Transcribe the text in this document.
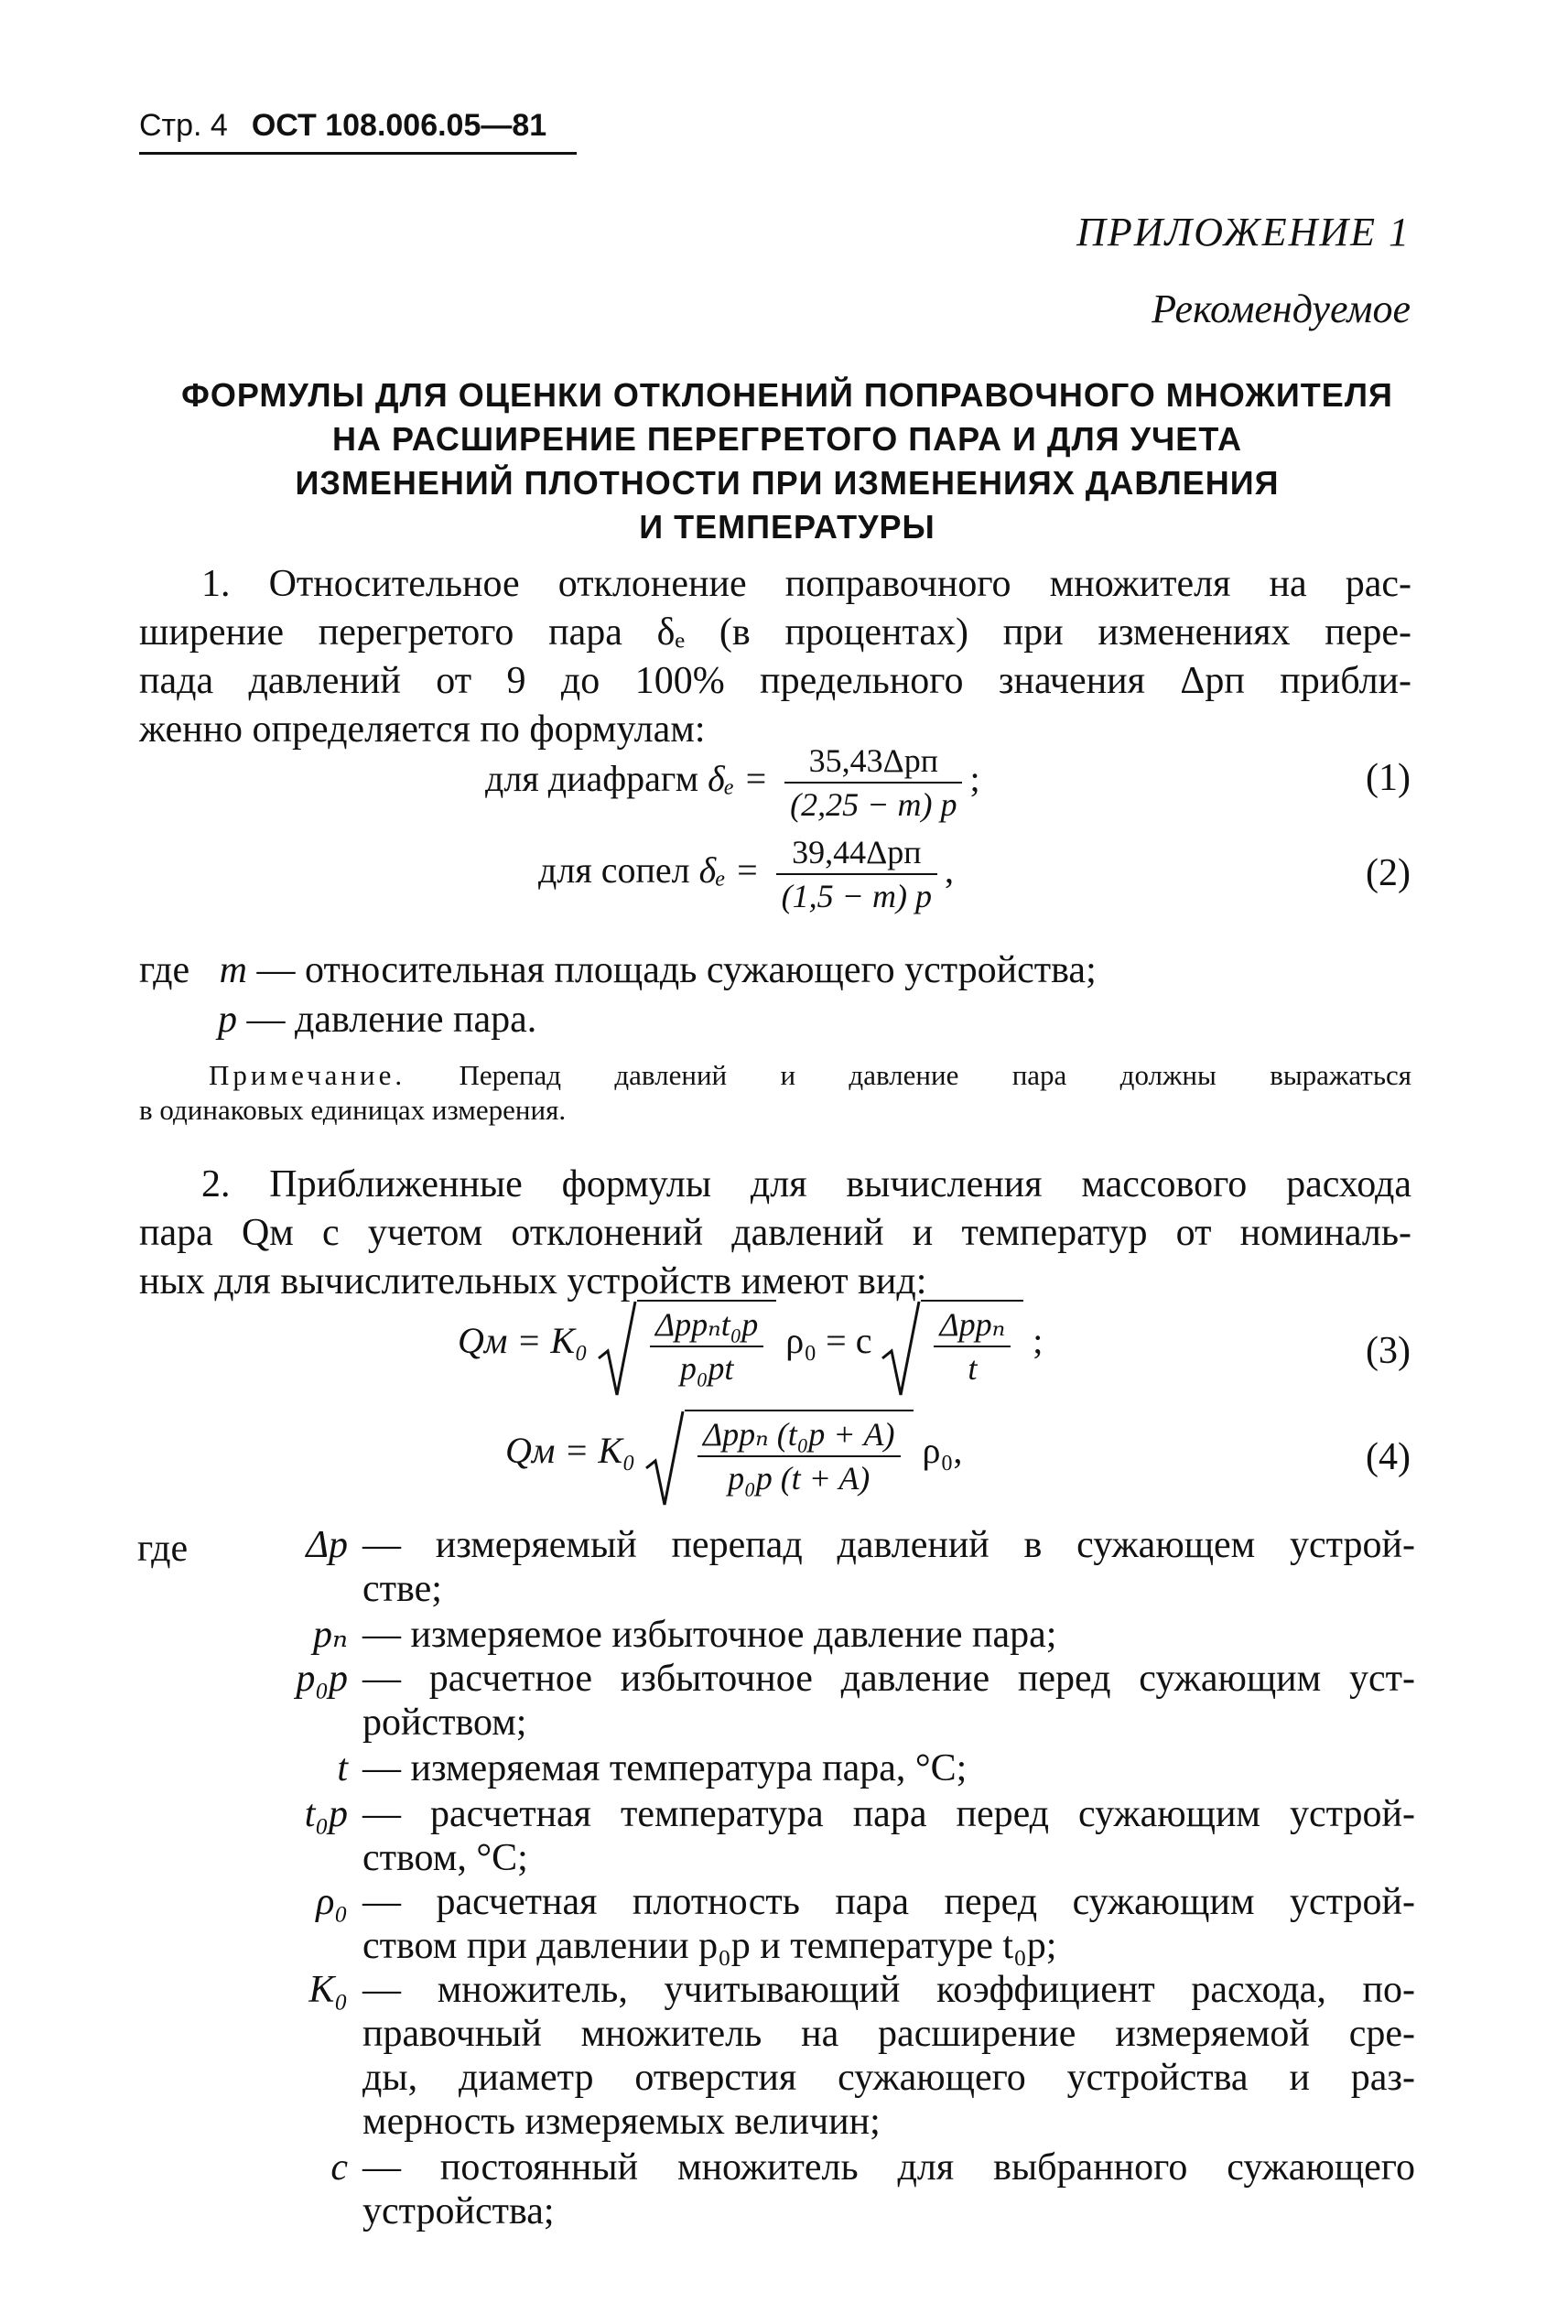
Стр. 4 ОСТ 108.006.05—81
ПРИЛОЖЕНИЕ 1
Рекомендуемое
ФОРМУЛЫ ДЛЯ ОЦЕНКИ ОТКЛОНЕНИЙ ПОПРАВОЧНОГО МНОЖИТЕЛЯ
НА РАСШИРЕНИЕ ПЕРЕГРЕТОГО ПАРА И ДЛЯ УЧЕТА
ИЗМЕНЕНИЙ ПЛОТНОСТИ ПРИ ИЗМЕНЕНИЯХ ДАВЛЕНИЯ
И ТЕМПЕРАТУРЫ
1. Относительное отклонение поправочного множителя на рас-
ширение перегретого пара δₑ (в процентах) при изменениях пере-
пада давлений от 9 до 100% предельного значения Δpп прибли-
женно определяется по формулам:
для диафрагм $\delta_e = \frac{\text{35,43Δpп}}{(2,25 - m) p}$ ;	(1)
для сопел $\delta_e = \frac{\text{39,44Δpп}}{(1,5 - m) p}$ ,	(2)
где m — относительная площадь сужающего устройства;
p — давление пара.
Примечание. Перепад давлений и давление пара должны выражаться
в одинаковых единицах измерения.
2. Приближенные формулы для вычисления массового расхода
пара Qм с учетом отклонений давлений и температур от номиналь-
ных для вычислительных устройств имеют вид:
Qм = $K_0 \frac{\text{Δpрₙt₀р}}{\text{p₀рt}} \rho_0 = c \frac{\text{Δpрₙ}}{t}$ ;	(3)
Qм = $K_0 \frac{\text{Δpрₙ (t₀р + A)}}{\text{p₀р (t + A)}} \rho_0$,	(4)
где	Δp — измеряемый перепад давлений в сужающем устрой-
стве;
pₙ — измеряемое избыточное давление пара;
p₀р — расчетное избыточное давление перед сужающим уст-
ройством;
t — измеряемая температура пара, °С;
t₀р — расчетная температура пара перед сужающим устрой-
ством, °С;
ρ₀ — расчетная плотность пара перед сужающим устрой-
ством при давлении p₀р и температуре t₀р;
K₀ — множитель, учитывающий коэффициент расхода, по-
правочный множитель на расширение измеряемой сре-
ды, диаметр отверстия сужающего устройства и раз-
мерность измеряемых величин;
c — постоянный множитель для выбранного сужающего
устройства;
